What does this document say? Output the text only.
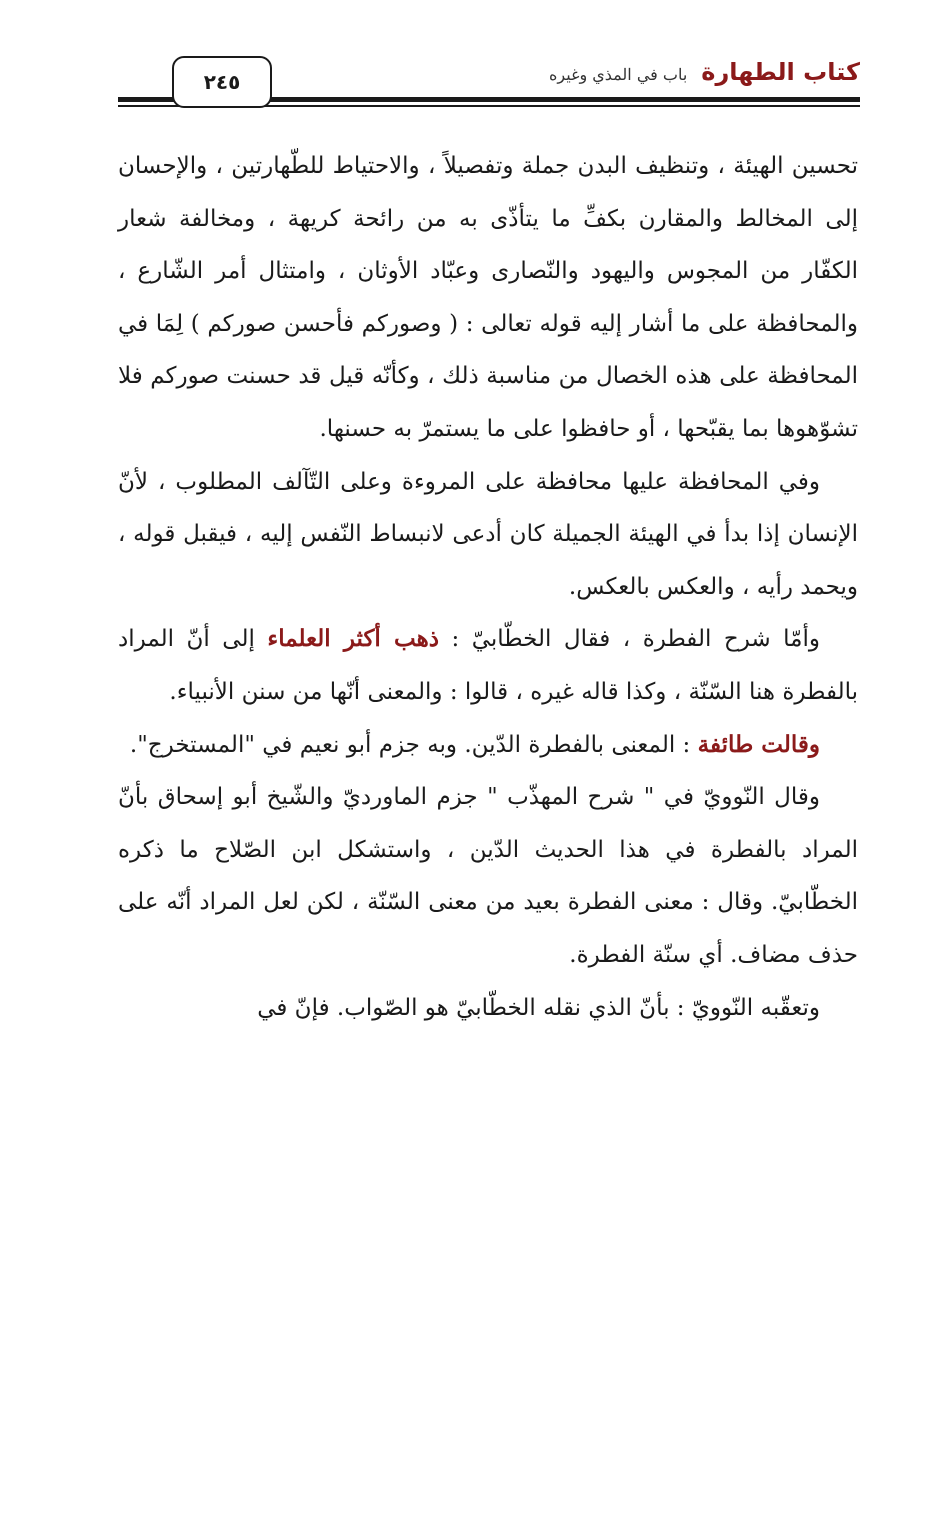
كتاب الطهارة
باب في المذي وغيره
٢٤٥

تحسين الهيئة ، وتنظيف البدن جملة وتفصيلاً ، والاحتياط للطّهارتين ، والإحسان إلى المخالط والمقارن بكفِّ ما يتأذّى به من رائحة كريهة ، ومخالفة شعار الكفّار من المجوس واليهود والنّصارى وعبّاد الأوثان ، وامتثال أمر الشّارع ، والمحافظة على ما أشار إليه قوله تعالى : ( وصوركم فأحسن صوركم ) لِمَا في المحافظة على هذه الخصال من مناسبة ذلك ، وكأنّه قيل قد حسنت صوركم فلا تشوّهوها بما يقبّحها ، أو حافظوا على ما يستمرّ به حسنها.

وفي المحافظة عليها محافظة على المروءة وعلى التّآلف المطلوب ، لأنّ الإنسان إذا بدأ في الهيئة الجميلة كان أدعى لانبساط النّفس إليه ، فيقبل قوله ، ويحمد رأيه ، والعكس بالعكس.

وأمّا شرح الفطرة ، فقال الخطّابيّ : ذهب أكثر العلماء إلى أنّ المراد بالفطرة هنا السّنّة ، وكذا قاله غيره ، قالوا : والمعنى أنّها من سنن الأنبياء.

وقالت طائفة : المعنى بالفطرة الدّين. وبه جزم أبو نعيم في "المستخرج".

وقال النّوويّ في " شرح المهذّب " جزم الماورديّ والشّيخ أبو إسحاق بأنّ المراد بالفطرة في هذا الحديث الدّين ، واستشكل ابن الصّلاح ما ذكره الخطّابيّ. وقال : معنى الفطرة بعيد من معنى السّنّة ، لكن لعل المراد أنّه على حذف مضاف. أي سنّة الفطرة.

وتعقّبه النّوويّ : بأنّ الذي نقله الخطّابيّ هو الصّواب. فإنّ في
